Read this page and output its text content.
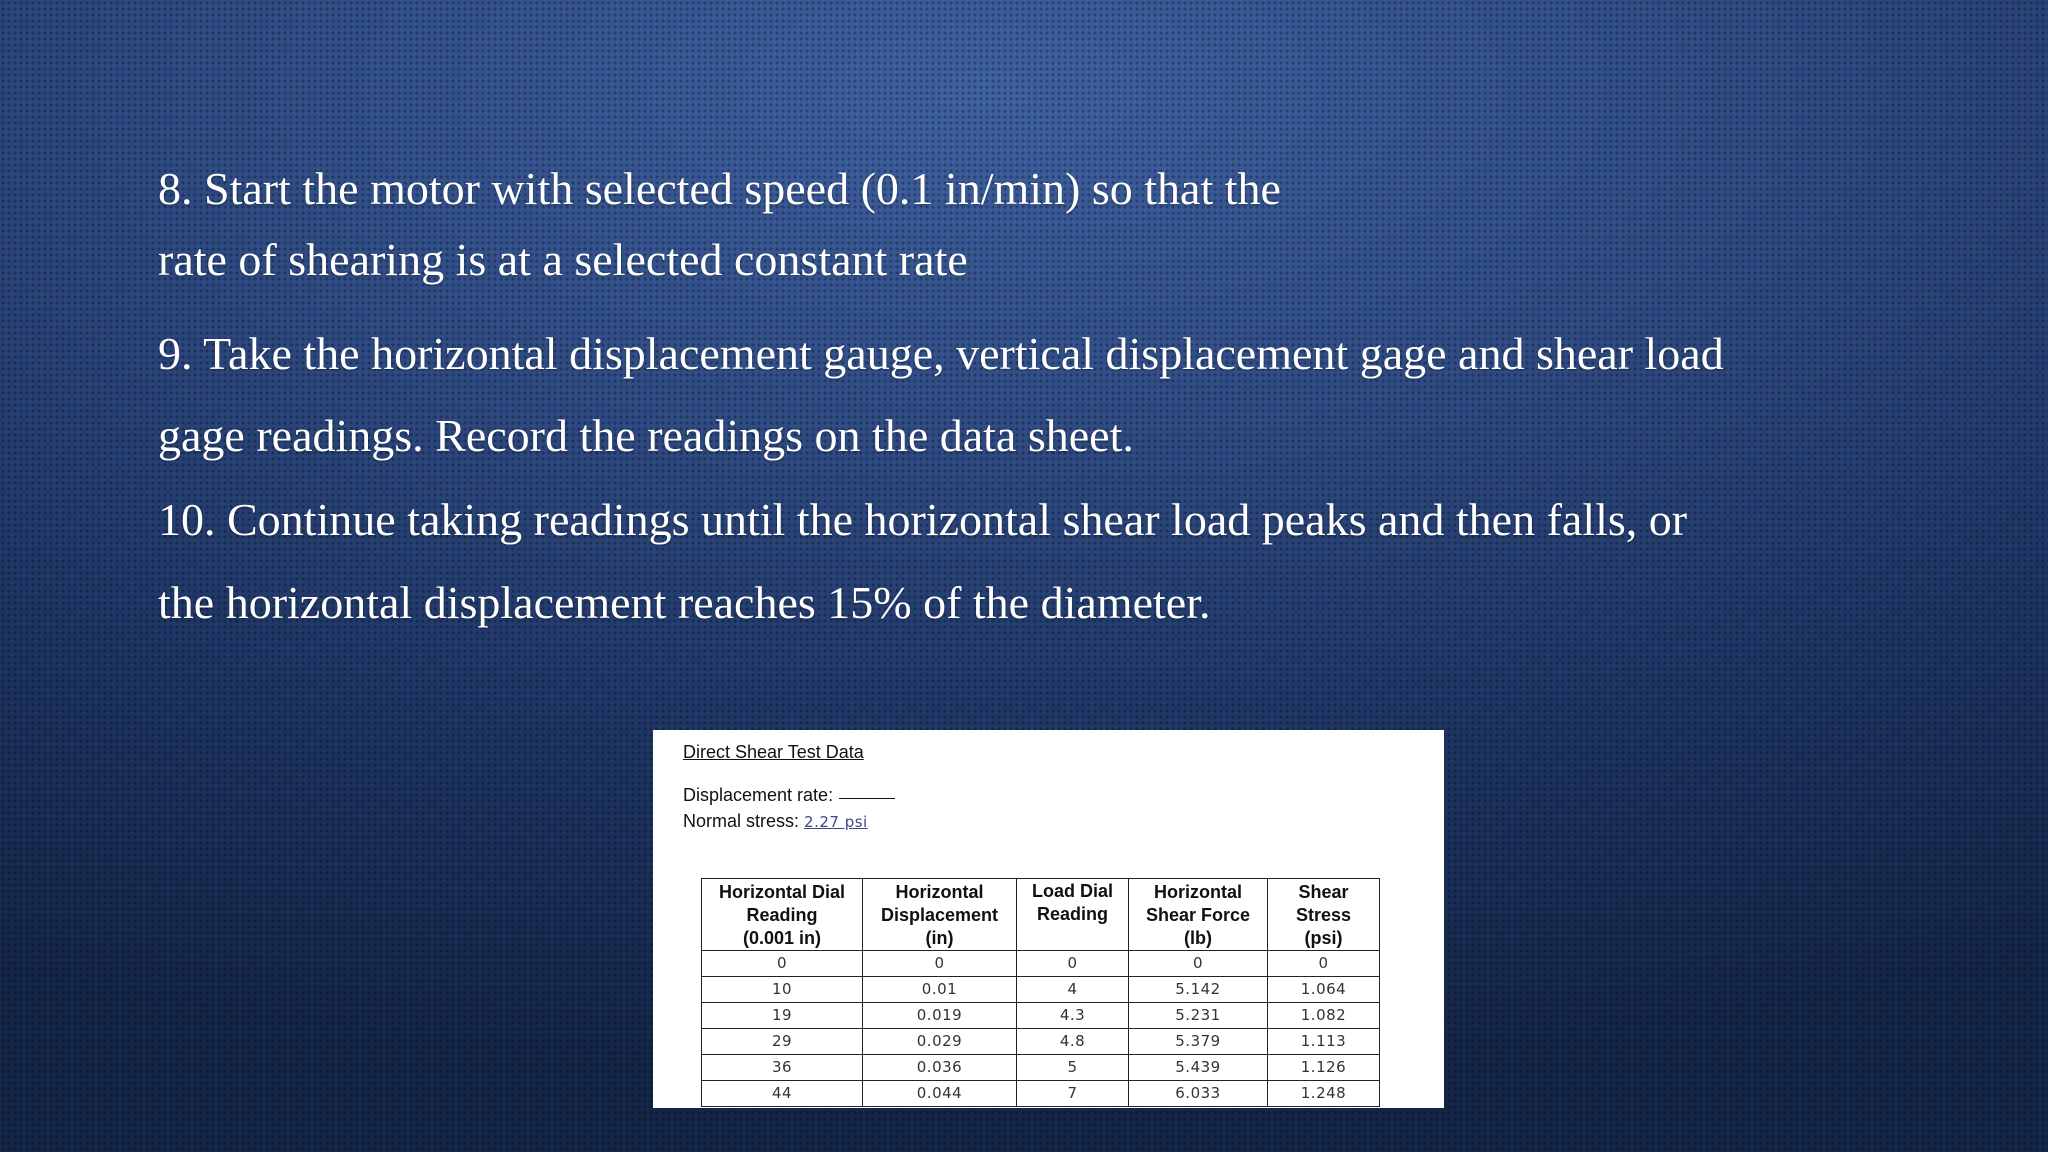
8. Start the motor with selected speed (0.1 in/min) so that the

rate of shearing is at a selected constant rate

9. Take the horizontal displacement gauge, vertical displacement gage and shear load

gage readings. Record the readings on the data sheet.

10. Continue taking readings until the horizontal shear load peaks and then falls, or

the horizontal displacement reaches 15% of the diameter.

Direct Shear Test Data
Displacement rate:
Normal stress: 2.27 psi
Horizontal Dial
Reading
(0.001 in)	Horizontal
Displacement
(in)	Load Dial
Reading	Horizontal
Shear Force
(lb)	Shear
Stress
(psi)
0	0	0	0	0
10	0.01	4	5.142	1.064
19	0.019	4.3	5.231	1.082
29	0.029	4.8	5.379	1.113
36	0.036	5	5.439	1.126
44	0.044	7	6.033	1.248
